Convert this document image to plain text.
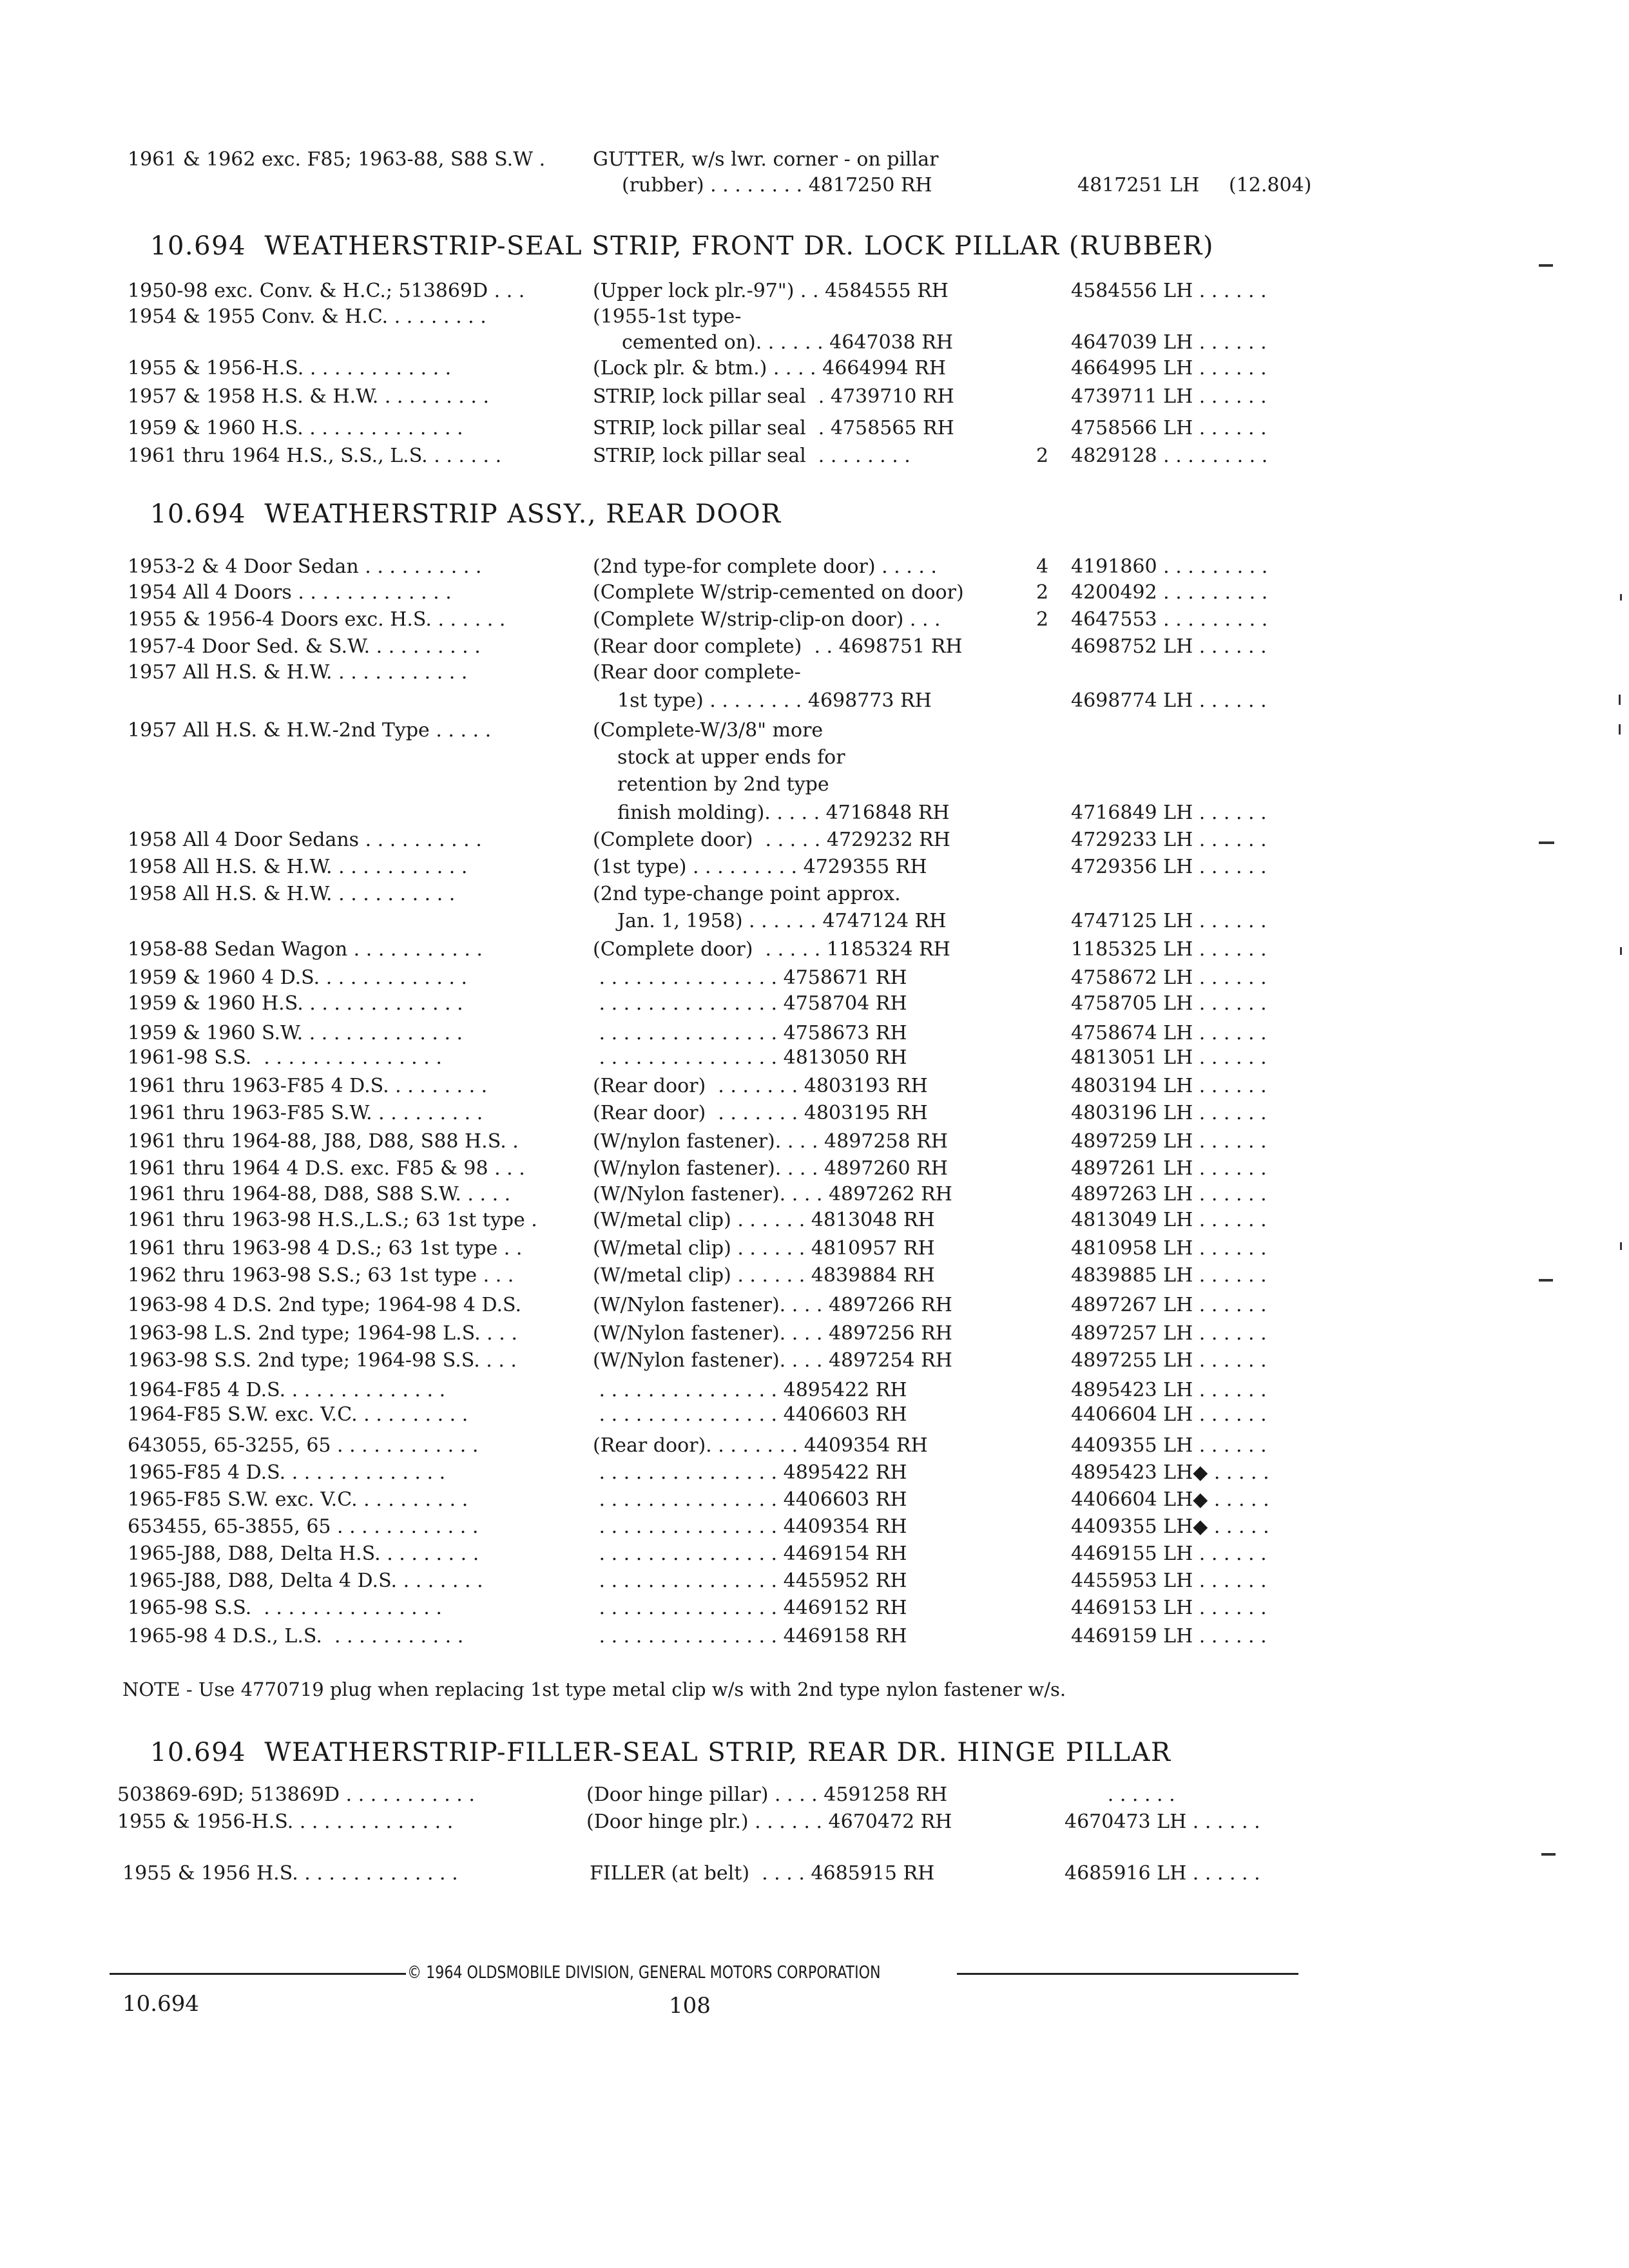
1961 & 1962 exc. F85; 1963-88, S88 S.W . GUTTER, w/s lwr. corner - on pillar
(rubber) . . . . . . . . 4817250 RH	4817251 LH (12.804)
10.694  WEATHERSTRIP-SEAL STRIP, FRONT DR. LOCK PILLAR (RUBBER)
1950-98 exc. Conv. & H.C.; 513869D . . .	(Upper lock plr.-97") . . 4584555 RH	4584556 LH . . . . . .
1954 & 1955 Conv. & H.C. . . . . . . . .	(1955-1st type-
cemented on). . . . . . 4647038 RH	4647039 LH . . . . . .
1955 & 1956-H.S. . . . . . . . . . . . .	(Lock plr. & btm.) . . . . 4664994 RH	4664995 LH . . . . . .
1957 & 1958 H.S. & H.W. . . . . . . . . .	STRIP, lock pillar seal  . 4739710 RH	4739711 LH . . . . . .
1959 & 1960 H.S. . . . . . . . . . . . . .	STRIP, lock pillar seal  . 4758565 RH	4758566 LH . . . . . .
1961 thru 1964 H.S., S.S., L.S. . . . . . .	STRIP, lock pillar seal  . . . . . . . .	2 4829128 . . . . . . . . .
10.694  WEATHERSTRIP ASSY., REAR DOOR
1953-2 & 4 Door Sedan . . . . . . . . . .	(2nd type-for complete door) . . . . .	4 4191860 . . . . . . . . .
1954 All 4 Doors . . . . . . . . . . . . .	(Complete W/strip-cemented on door)	2 4200492 . . . . . . . . .
1955 & 1956-4 Doors exc. H.S. . . . . . .	(Complete W/strip-clip-on door) . . .	2 4647553 . . . . . . . . .
1957-4 Door Sed. & S.W. . . . . . . . . .	(Rear door complete)  . . 4698751 RH	4698752 LH . . . . . .
1957 All H.S. & H.W. . . . . . . . . . . .	(Rear door complete-
1st type) . . . . . . . . 4698773 RH	4698774 LH . . . . . .
1957 All H.S. & H.W.-2nd Type . . . . .	(Complete-W/3/8" more
stock at upper ends for
retention by 2nd type
finish molding). . . . . 4716848 RH	4716849 LH . . . . . .
1958 All 4 Door Sedans . . . . . . . . . .	(Complete door)  . . . . . 4729232 RH	4729233 LH . . . . . .
1958 All H.S. & H.W. . . . . . . . . . . .	(1st type) . . . . . . . . . 4729355 RH	4729356 LH . . . . . .
1958 All H.S. & H.W. . . . . . . . . . .	(2nd type-change point approx.
Jan. 1, 1958) . . . . . . 4747124 RH	4747125 LH . . . . . .
1958-88 Sedan Wagon . . . . . . . . . . .	(Complete door)  . . . . . 1185324 RH	1185325 LH . . . . . .
1959 & 1960 4 D.S. . . . . . . . . . . . .	. . . . . . . . . . . . . . . 4758671 RH	4758672 LH . . . . . .
1959 & 1960 H.S. . . . . . . . . . . . . .	. . . . . . . . . . . . . . . 4758704 RH	4758705 LH . . . . . .
1959 & 1960 S.W. . . . . . . . . . . . . .	. . . . . . . . . . . . . . . 4758673 RH	4758674 LH . . . . . .
1961-98 S.S.  . . . . . . . . . . . . . . .	. . . . . . . . . . . . . . . 4813050 RH	4813051 LH . . . . . .
1961 thru 1963-F85 4 D.S. . . . . . . . .	(Rear door)  . . . . . . . 4803193 RH	4803194 LH . . . . . .
1961 thru 1963-F85 S.W. . . . . . . . . .	(Rear door)  . . . . . . . 4803195 RH	4803196 LH . . . . . .
1961 thru 1964-88, J88, D88, S88 H.S. .	(W/nylon fastener). . . . 4897258 RH	4897259 LH . . . . . .
1961 thru 1964 4 D.S. exc. F85 & 98 . . .	(W/nylon fastener). . . . 4897260 RH	4897261 LH . . . . . .
1961 thru 1964-88, D88, S88 S.W. . . . .	(W/Nylon fastener). . . . 4897262 RH	4897263 LH . . . . . .
1961 thru 1963-98 H.S.,L.S.; 63 1st type .	(W/metal clip) . . . . . . 4813048 RH	4813049 LH . . . . . .
1961 thru 1963-98 4 D.S.; 63 1st type . .	(W/metal clip) . . . . . . 4810957 RH	4810958 LH . . . . . .
1962 thru 1963-98 S.S.; 63 1st type . . .	(W/metal clip) . . . . . . 4839884 RH	4839885 LH . . . . . .
1963-98 4 D.S. 2nd type; 1964-98 4 D.S.	(W/Nylon fastener). . . . 4897266 RH	4897267 LH . . . . . .
1963-98 L.S. 2nd type; 1964-98 L.S. . . .	(W/Nylon fastener). . . . 4897256 RH	4897257 LH . . . . . .
1963-98 S.S. 2nd type; 1964-98 S.S. . . .	(W/Nylon fastener). . . . 4897254 RH	4897255 LH . . . . . .
1964-F85 4 D.S. . . . . . . . . . . . . .	. . . . . . . . . . . . . . . 4895422 RH	4895423 LH . . . . . .
1964-F85 S.W. exc. V.C. . . . . . . . . .	. . . . . . . . . . . . . . . 4406603 RH	4406604 LH . . . . . .
643055, 65-3255, 65 . . . . . . . . . . . .	(Rear door). . . . . . . . 4409354 RH	4409355 LH . . . . . .
1965-F85 4 D.S. . . . . . . . . . . . . .	. . . . . . . . . . . . . . . 4895422 RH	4895423 LH◆ . . . . .
1965-F85 S.W. exc. V.C. . . . . . . . . .	. . . . . . . . . . . . . . . 4406603 RH	4406604 LH◆ . . . . .
653455, 65-3855, 65 . . . . . . . . . . . .	. . . . . . . . . . . . . . . 4409354 RH	4409355 LH◆ . . . . .
1965-J88, D88, Delta H.S. . . . . . . . .	. . . . . . . . . . . . . . . 4469154 RH	4469155 LH . . . . . .
1965-J88, D88, Delta 4 D.S. . . . . . . .	. . . . . . . . . . . . . . . 4455952 RH	4455953 LH . . . . . .
1965-98 S.S.  . . . . . . . . . . . . . . .	. . . . . . . . . . . . . . . 4469152 RH	4469153 LH . . . . . .
1965-98 4 D.S., L.S.  . . . . . . . . . . .	. . . . . . . . . . . . . . . 4469158 RH	4469159 LH . . . . . .
NOTE - Use 4770719 plug when replacing 1st type metal clip w/s with 2nd type nylon fastener w/s.
10.694  WEATHERSTRIP-FILLER-SEAL STRIP, REAR DR. HINGE PILLAR
503869-69D; 513869D . . . . . . . . . . .	(Door hinge pillar) . . . . 4591258 RH	. . . . . .
1955 & 1956-H.S. . . . . . . . . . . . . .	(Door hinge plr.) . . . . . . 4670472 RH	4670473 LH . . . . . .
1955 & 1956 H.S. . . . . . . . . . . . . .	FILLER (at belt)  . . . . 4685915 RH	4685916 LH . . . . . .
© 1964 OLDSMOBILE DIVISION, GENERAL MOTORS CORPORATION
10.694	108
